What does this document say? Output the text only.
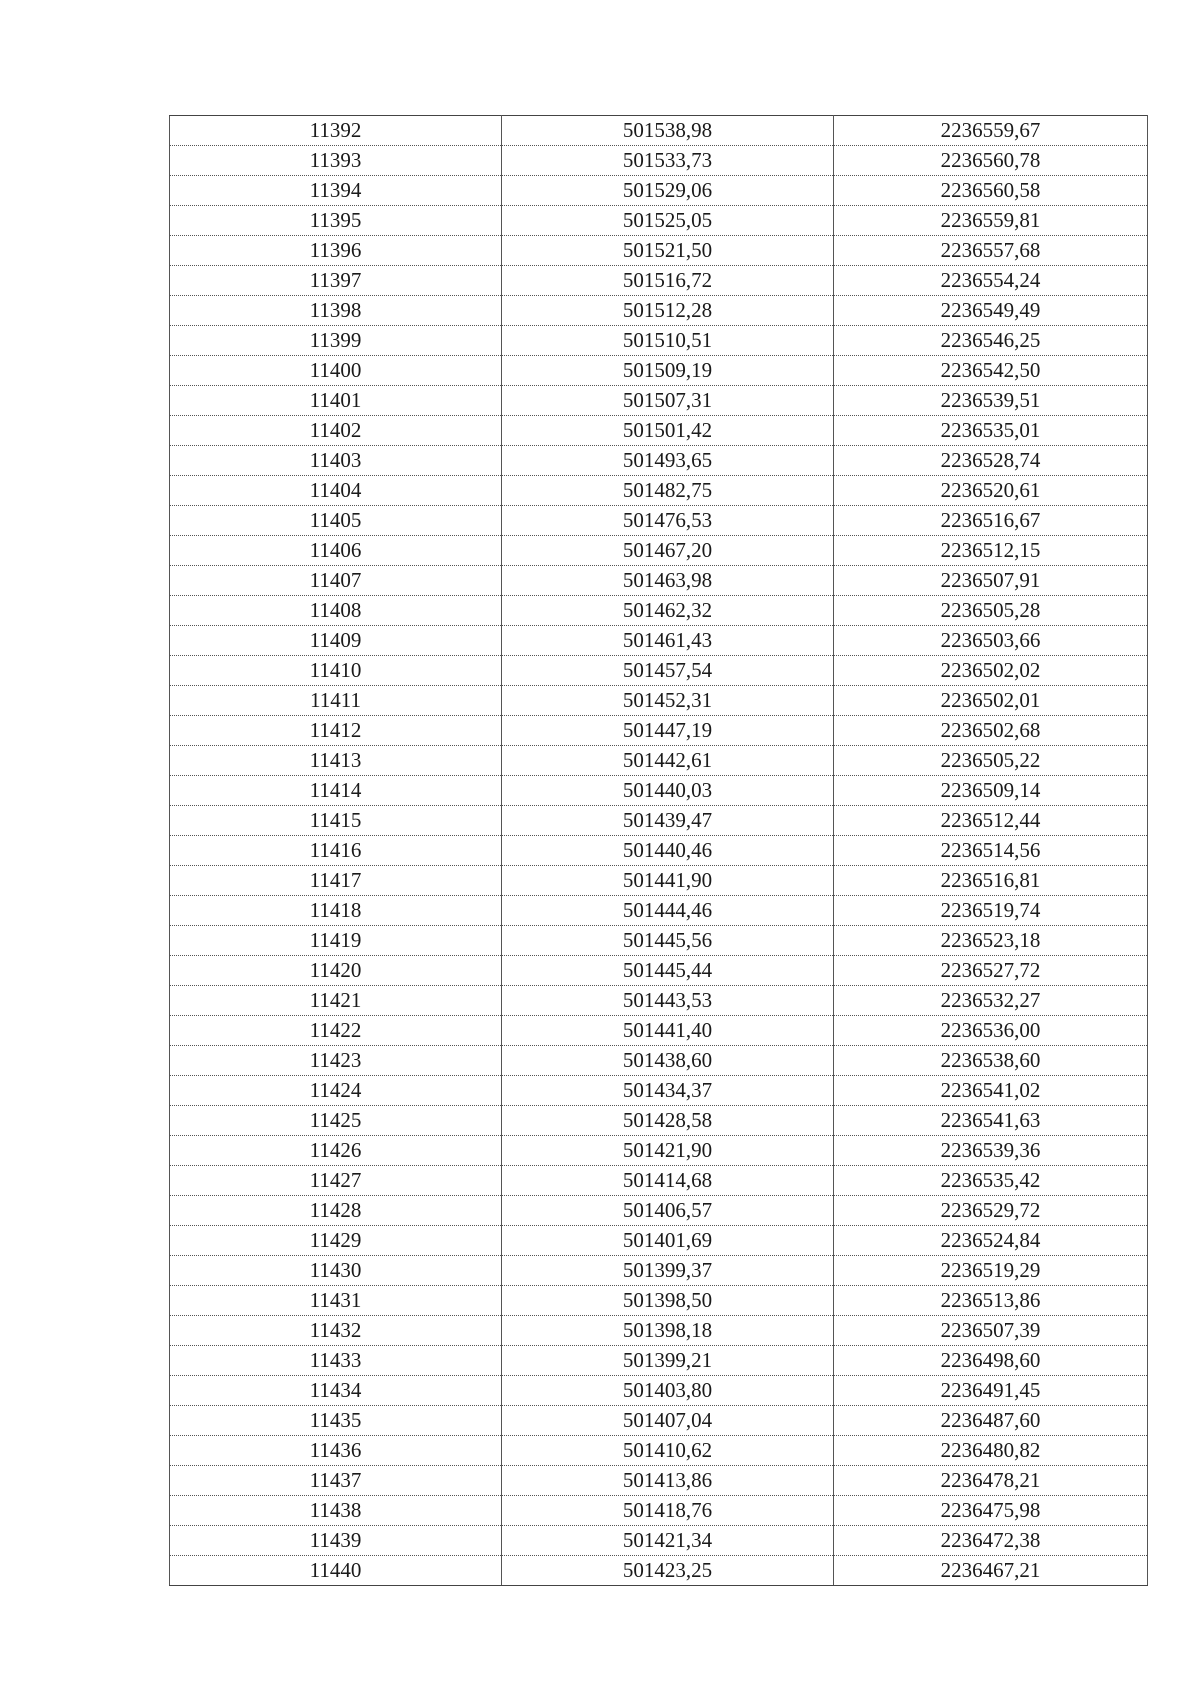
11392	501538,98	2236559,67
11393	501533,73	2236560,78
11394	501529,06	2236560,58
11395	501525,05	2236559,81
11396	501521,50	2236557,68
11397	501516,72	2236554,24
11398	501512,28	2236549,49
11399	501510,51	2236546,25
11400	501509,19	2236542,50
11401	501507,31	2236539,51
11402	501501,42	2236535,01
11403	501493,65	2236528,74
11404	501482,75	2236520,61
11405	501476,53	2236516,67
11406	501467,20	2236512,15
11407	501463,98	2236507,91
11408	501462,32	2236505,28
11409	501461,43	2236503,66
11410	501457,54	2236502,02
11411	501452,31	2236502,01
11412	501447,19	2236502,68
11413	501442,61	2236505,22
11414	501440,03	2236509,14
11415	501439,47	2236512,44
11416	501440,46	2236514,56
11417	501441,90	2236516,81
11418	501444,46	2236519,74
11419	501445,56	2236523,18
11420	501445,44	2236527,72
11421	501443,53	2236532,27
11422	501441,40	2236536,00
11423	501438,60	2236538,60
11424	501434,37	2236541,02
11425	501428,58	2236541,63
11426	501421,90	2236539,36
11427	501414,68	2236535,42
11428	501406,57	2236529,72
11429	501401,69	2236524,84
11430	501399,37	2236519,29
11431	501398,50	2236513,86
11432	501398,18	2236507,39
11433	501399,21	2236498,60
11434	501403,80	2236491,45
11435	501407,04	2236487,60
11436	501410,62	2236480,82
11437	501413,86	2236478,21
11438	501418,76	2236475,98
11439	501421,34	2236472,38
11440	501423,25	2236467,21
